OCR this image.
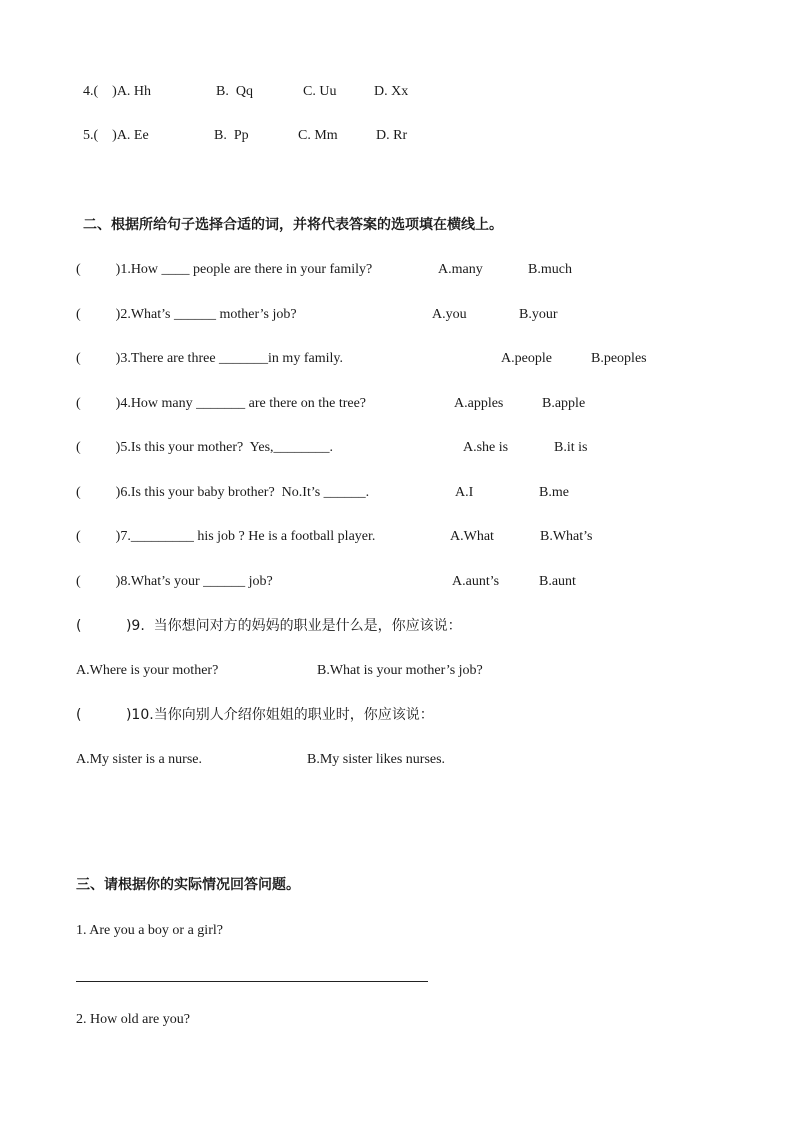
4.(    )A. Hh	B.  Qq	C. Uu	D. Xx
5.(    )A. Ee	B.  Pp	C. Mm	D. Rr
二、根据所给句子选择合适的词，并将代表答案的选项填在横线上。
(          )1.How ____ people are there in your family?	A.many	B.much
(          )2.What’s ______ mother’s job?	A.you	B.your
(          )3.There are three _______in my family.	A.people	B.peoples
(          )4.How many _______ are there on the tree?	A.apples	B.apple
(          )5.Is this your mother?  Yes,________.	A.she is	B.it is
(          )6.Is this your baby brother?  No.It’s ______.	A.I	B.me
(          )7._________ his job ? He is a football player.	A.What	B.What’s
(          )8.What’s your ______ job?	A.aunt’s	B.aunt
(          )9.  当你想问对方的妈妈的职业是什么是，你应该说：
A.Where is your mother?	B.What is your mother’s job?
(          )10.当你向别人介绍你姐姐的职业时，你应该说：
A.My sister is a nurse.	B.My sister likes nurses.
三、请根据你的实际情况回答问题。
1. Are you a boy or a girl?
2. How old are you?
